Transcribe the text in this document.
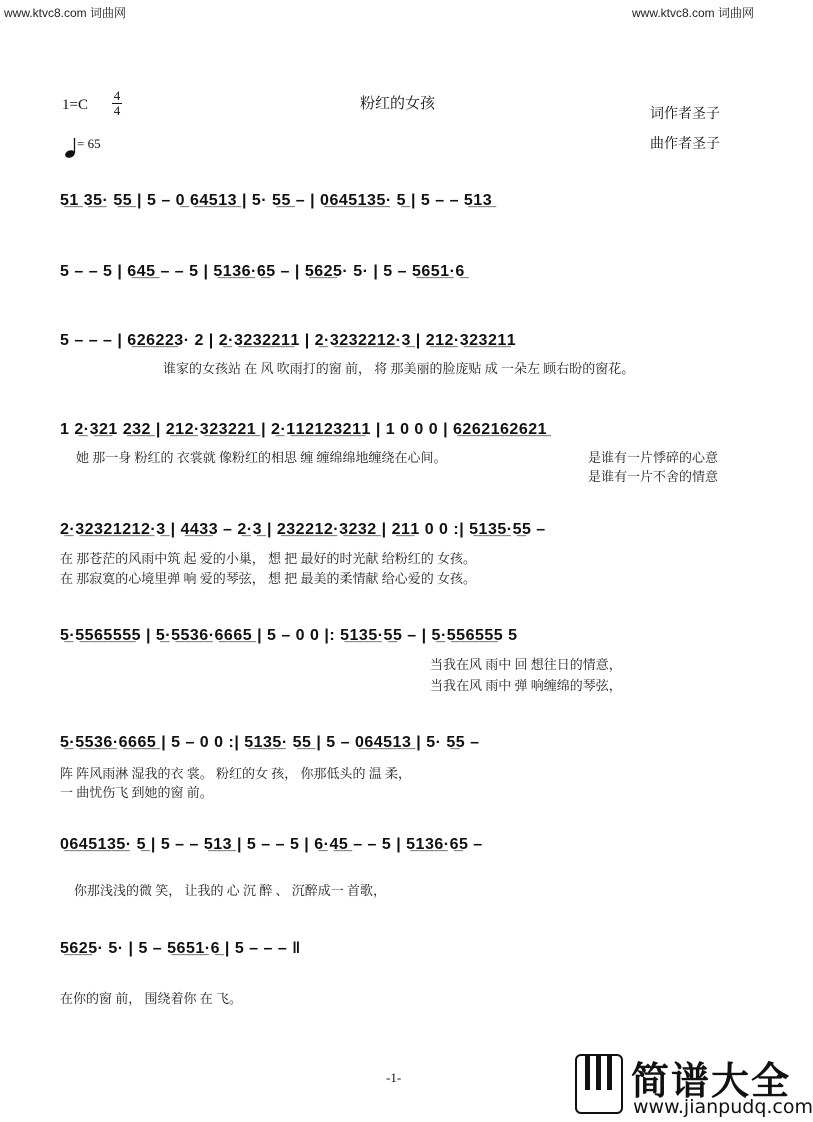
www.ktvc8.com 词曲网	www.ktvc8.com 词曲网
1=C
4
4
= 65
粉红的女孩
词作者圣子
曲作者圣子
5̲1̲ 3̲5̲· 5̲5̲ | 5 – 0̲ 6̲4̲5̲1̲3̲ | 5· 5̲5̲ – | 0̲6̲4̲5̲1̲3̲5̲· 5̲ | 5 – – 5̲1̲3̲
5 – – 5 | 6̲4̲5̲ – – 5 | 5̲1̲3̲6̲·6̲5 – | 5̲6̲2̲5· 5· | 5 – 5̲6̲5̲1̲·6̲
5 – – – | 6̲2̲6̲2̲2̲3· 2 | 2̲·3̲2̲3̲2̲2̲1̲1 | 2̲·3̲2̲3̲2̲2̲1̲2̲·3̲ | 2̲1̲2̲·3̲2̲3̲2̲1̲1
谁家的女孩站 在 风 吹雨打的窗 前， 将 那美丽的脸庞贴 成 一朵左 顾右盼的窗花。
1 2̲·3̲2̲1 2̲3̲2̲ | 2̲1̲2̲·3̲2̲3̲2̲2̲1̲ | 2̲·1̲1̲2̲1̲2̲3̲2̲1̲1 | 1 0 0 0 | 6̲2̲6̲2̲1̲6̲2̲6̲2̲1̲
她 那一身 粉红的 衣裳就 像粉红的相思 缠 缠绵绵地缠绕在心间。	是谁有一片悸碎的心意
是谁有一片不舍的情意
2̲·3̲2̲3̲2̲1̲2̲1̲2̲·3̲ | 4̲4̲3̲3 – 2̲·3̲ | 2̲3̲2̲2̲1̲2̲·3̲2̲3̲2̲ | 2̲1̲1 0 0 :| 5̲1̲3̲5̲·5̲5 –
在 那苍茫的风雨中筑 起 爱的小巢， 想 把 最好的时光献 给粉红的 女孩。
在 那寂寞的心境里弹 响 爱的琴弦， 想 把 最美的柔情献 给心爱的 女孩。
5̲·5̲5̲6̲5̲5̲5̲5 | 5̲·5̲5̲3̲6̲·6̲6̲6̲5̲ | 5 – 0 0 |: 5̲1̲3̲5̲·5̲5 – | 5̲·5̲5̲6̲5̲5̲5 5
当我在风 雨中 回 想往日的情意，
当我在风 雨中 弹 响缠绵的琴弦，
5̲·5̲5̲3̲6̲·6̲6̲6̲5̲ | 5 – 0 0 :| 5̲1̲3̲5̲· 5̲5̲ | 5 – 0̲6̲4̲5̲1̲3̲ | 5· 5̲5 –
阵 阵风雨淋 湿我的衣 裳。 粉红的女 孩， 你那低头的 温 柔，
一 曲忧伤飞 到她的窗 前。
0̲6̲4̲5̲1̲3̲5̲· 5̲ | 5 – – 5̲1̲3̲ | 5 – – 5 | 6̲·4̲5̲ – – 5 | 5̲1̲3̲6̲·6̲5 –
你那浅浅的微 笑， 让我的 心 沉 醉 、 沉醉成一 首歌，
5̲6̲2̲5· 5· | 5 – 5̲6̲5̲1̲·6̲ | 5 – – – ‖
在你的窗 前， 围绕着你 在 飞。
-1-	简谱大全
www.jianpudq.com
